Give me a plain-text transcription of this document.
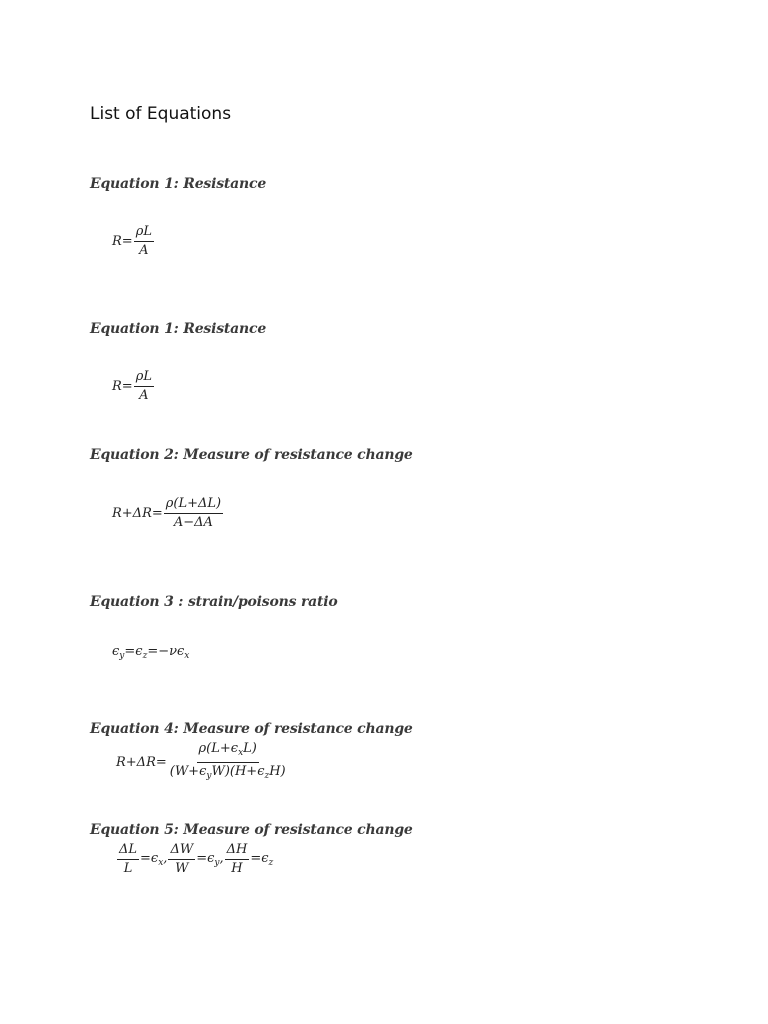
List of Equations
Equation 1: Resistance
$R= \frac{\rho L}{A}$
Equation 1: Resistance
$R= \frac{\rho L}{A}$
Equation 2: Measure of resistance change
$R+\Delta R= \frac{\rho(L+\Delta L)}{A-\Delta A}$
Equation 3 : strain/poisons ratio
$\epsilon_y=\epsilon_z=-\nu\epsilon_x$
Equation 4: Measure of resistance change
$R+\Delta R= \frac{\rho(L+\epsilon_xL)}{(W+\epsilon_yW)(H+\epsilon_zH)}$
Equation 5: Measure of resistance change
$\frac{\Delta L}{L} =\epsilon_x$, $\frac{\Delta W}{W} =\epsilon_y$, $\frac{\Delta H}{H} =\epsilon_z$
